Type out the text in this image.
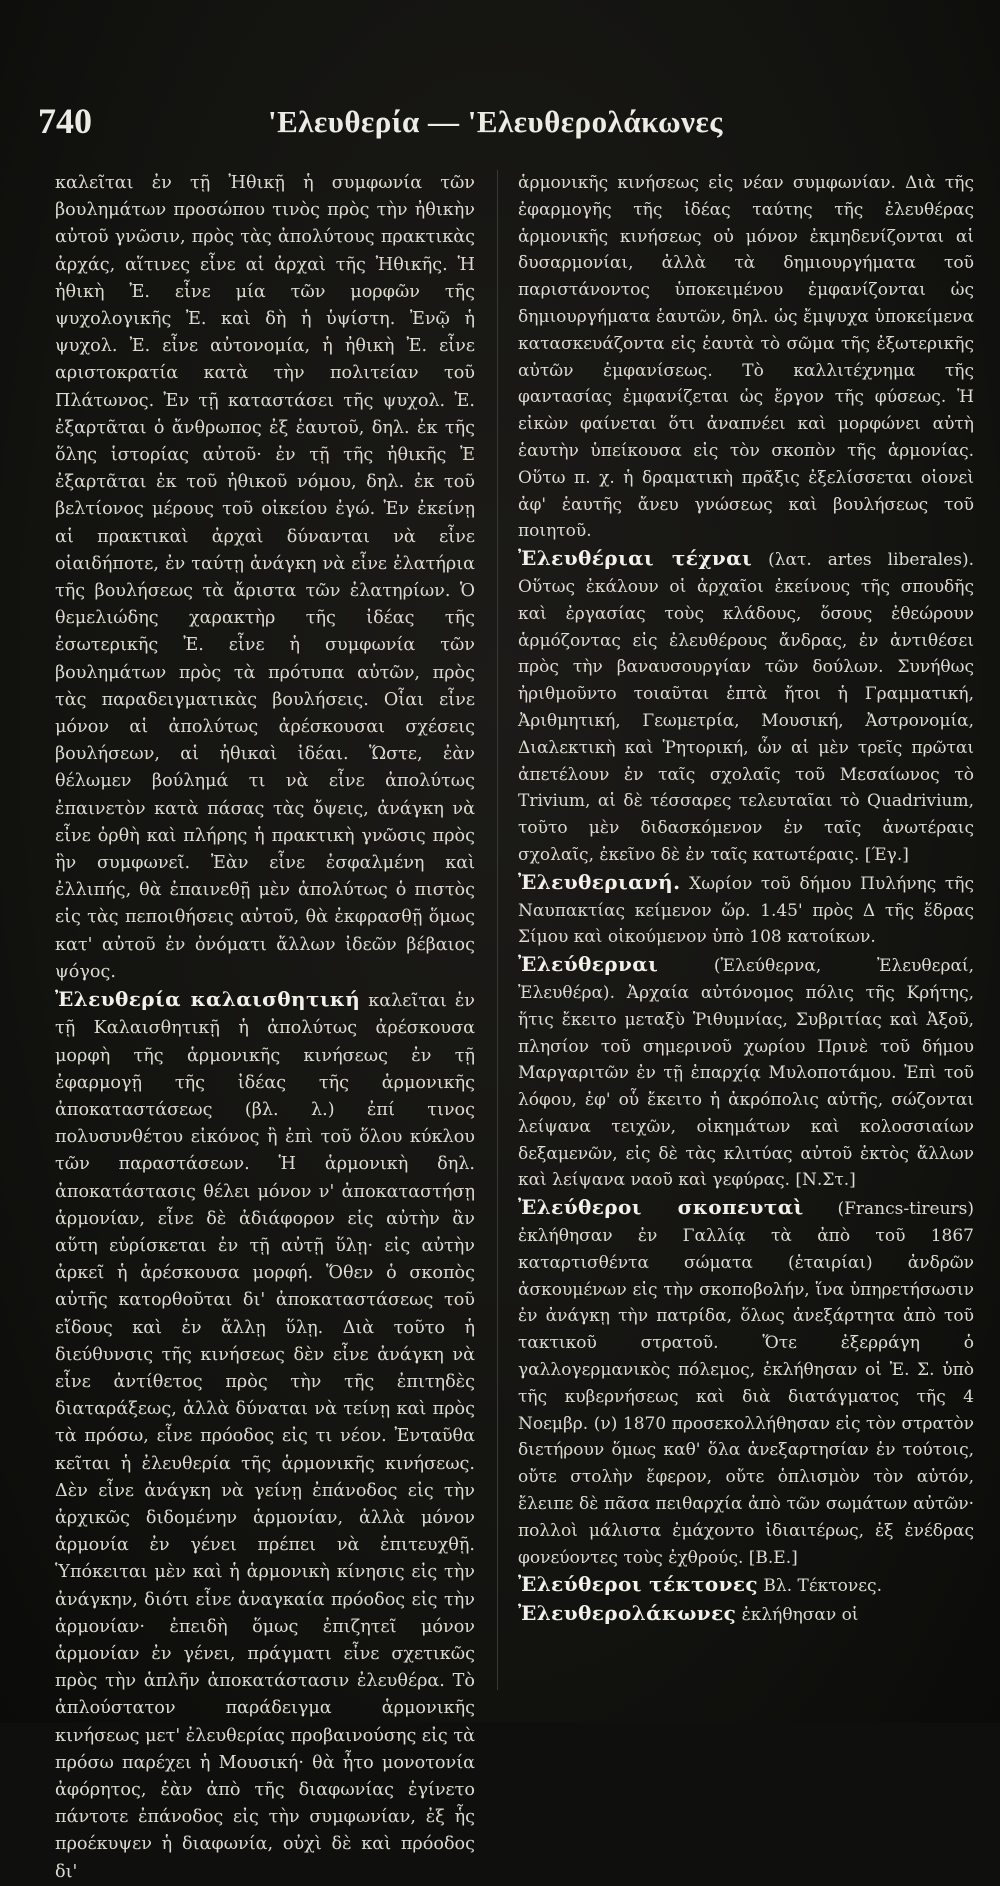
740	'Ελευθερία — 'Ελευθερολάκωνες

καλεῖται ἐν τῇ Ἠθικῇ ἡ συμφωνία τῶν βουλημάτων προσώπου τινὸς πρὸς τὴν ἠθικὴν αὐτοῦ γνῶσιν, πρὸς τὰς ἀπολύτους πρακτικὰς ἀρχάς, αἵτινες εἶνε αἱ ἀρχαὶ τῆς Ἠθικῆς. Ἡ ἠθικὴ Ἐ. εἶνε μία τῶν μορφῶν τῆς ψυχολογικῆς Ἐ. καὶ δὴ ἡ ὑψίστη. Ἐνῷ ἡ ψυχολ. Ἐ. εἶνε αὐτονομία, ἡ ἠθικὴ Ἐ. εἶνε αριστοκρατία κατὰ τὴν πολιτείαν τοῦ Πλάτωνος. Ἐν τῇ καταστάσει τῆς ψυχολ. Ἐ. ἐξαρτᾶται ὁ ἄνθρωπος ἐξ ἑαυτοῦ, δηλ. ἐκ τῆς ὅλης ἱστορίας αὐτοῦ· ἐν τῇ τῆς ἠθικῆς Ἐ ἐξαρτᾶται ἐκ τοῦ ἠθικοῦ νόμου, δηλ. ἐκ τοῦ βελτίονος μέρους τοῦ οἰκείου ἐγώ. Ἐν ἐκείνῃ αἱ πρακτικαὶ ἀρχαὶ δύνανται νὰ εἶνε οἱαιδήποτε, ἐν ταύτῃ ἀνάγκη νὰ εἶνε ἐλατήρια τῆς βουλήσεως τὰ ἄριστα τῶν ἐλατηρίων. Ὁ θεμελιώδης χαρακτὴρ τῆς ἰδέας τῆς ἐσωτερικῆς Ἐ. εἶνε ἡ συμφωνία τῶν βουλημάτων πρὸς τὰ πρότυπα αὐτῶν, πρὸς τὰς παραδειγματικὰς βουλήσεις. Οἷαι εἶνε μόνον αἱ ἀπολύτως ἀρέσκουσαι σχέσεις βουλήσεων, αἱ ἠθικαὶ ἰδέαι. Ὥστε, ἐὰν θέλωμεν βούλημά τι νὰ εἶνε ἀπολύτως ἐπαινετὸν κατὰ πάσας τὰς ὄψεις, ἀνάγκη νὰ εἶνε ὀρθὴ καὶ πλήρης ἡ πρακτικὴ γνῶσις πρὸς ἣν συμφωνεῖ. Ἐὰν εἶνε ἐσφαλμένη καὶ ἐλλιπής, θὰ ἐπαινεθῇ μὲν ἀπολύτως ὁ πιστὸς εἰς τὰς πεποιθήσεις αὐτοῦ, θὰ ἐκφρασθῇ ὅμως κατ' αὐτοῦ ἐν ὀνόματι ἄλλων ἰδεῶν βέβαιος ψόγος.

Ἐλευθερία καλαισθητική καλεῖται ἐν τῇ Καλαισθητικῇ ἡ ἀπολύτως ἀρέσκουσα μορφὴ τῆς ἁρμονικῆς κινήσεως ἐν τῇ ἐφαρμογῇ τῆς ἰδέας τῆς ἁρμονικῆς ἀποκαταστάσεως (βλ. λ.) ἐπί τινος πολυσυνθέτου εἰκόνος ἢ ἐπὶ τοῦ ὅλου κύκλου τῶν παραστάσεων. Ἡ ἁρμονικὴ δηλ. ἀποκατάστασις θέλει μόνον ν' ἀποκαταστήσῃ ἁρμονίαν, εἶνε δὲ ἀδιάφορον εἰς αὐτὴν ἂν αὕτη εὑρίσκεται ἐν τῇ αὐτῇ ὕλῃ· εἰς αὐτὴν ἀρκεῖ ἡ ἀρέσκουσα μορφή. Ὅθεν ὁ σκοπὸς αὐτῆς κατορθοῦται δι' ἀποκαταστάσεως τοῦ εἴδους καὶ ἐν ἄλλῃ ὕλῃ. Διὰ τοῦτο ἡ διεύθυνσις τῆς κινήσεως δὲν εἶνε ἀνάγκη νὰ εἶνε ἀντίθετος πρὸς τὴν τῆς ἐπιτηδὲς διαταράξεως, ἀλλὰ δύναται νὰ τείνῃ καὶ πρὸς τὰ πρόσω, εἶνε πρόοδος εἰς τι νέον. Ἐνταῦθα κεῖται ἡ ἐλευθερία τῆς ἁρμονικῆς κινήσεως. Δὲν εἶνε ἀνάγκη νὰ γείνῃ ἐπάνοδος εἰς τὴν ἀρχικῶς διδομένην ἁρμονίαν, ἀλλὰ μόνον ἁρμονία ἐν γένει πρέπει νὰ ἐπιτευχθῇ. Ὑπόκειται μὲν καὶ ἡ ἁρμονικὴ κίνησις εἰς τὴν ἀνάγκην, διότι εἶνε ἀναγκαία πρόοδος εἰς τὴν ἁρμονίαν· ἐπειδὴ ὅμως ἐπιζητεῖ μόνον ἁρμονίαν ἐν γένει, πράγματι εἶνε σχετικῶς πρὸς τὴν ἁπλῆν ἀποκατάστασιν ἐλευθέρα. Τὸ ἁπλούστατον παράδειγμα ἁρμονικῆς κινήσεως μετ' ἐλευθερίας προβαινούσης εἰς τὰ πρόσω παρέχει ἡ Μουσική· θὰ ἦτο μονοτονία ἀφόρητος, ἐὰν ἀπὸ τῆς διαφωνίας ἐγίνετο πάντοτε ἐπάνοδος εἰς τὴν συμφωνίαν, ἐξ ἧς προέκυψεν ἡ διαφωνία, οὐχὶ δὲ καὶ πρόοδος δι'

ἁρμονικῆς κινήσεως εἰς νέαν συμφωνίαν. Διὰ τῆς ἐφαρμογῆς τῆς ἰδέας ταύτης τῆς ἐλευθέρας ἁρμονικῆς κινήσεως οὐ μόνον ἐκμηδενίζονται αἱ δυσαρμονίαι, ἀλλὰ τὰ δημιουργήματα τοῦ παριστάνοντος ὑποκειμένου ἐμφανίζονται ὡς δημιουργήματα ἑαυτῶν, δηλ. ὡς ἔμψυχα ὑποκείμενα κατασκευάζοντα εἰς ἑαυτὰ τὸ σῶμα τῆς ἐξωτερικῆς αὐτῶν ἐμφανίσεως. Τὸ καλλιτέχνημα τῆς φαντασίας ἐμφανίζεται ὡς ἔργον τῆς φύσεως. Ἡ εἰκὼν φαίνεται ὅτι ἀναπνέει καὶ μορφώνει αὐτὴ ἑαυτὴν ὑπείκουσα εἰς τὸν σκοπὸν τῆς ἁρμονίας. Οὕτω π. χ. ἡ δραματικὴ πρᾶξις ἐξελίσσεται οἱονεὶ ἀφ' ἑαυτῆς ἄνευ γνώσεως καὶ βουλήσεως τοῦ ποιητοῦ.

Ἐλευθέριαι τέχναι (λατ. artes liberales). Οὕτως ἐκάλουν οἱ ἀρχαῖοι ἐκείνους τῆς σπουδῆς καὶ ἐργασίας τοὺς κλάδους, ὅσους ἐθεώρουν ἁρμόζοντας εἰς ἐλευθέρους ἄνδρας, ἐν ἀντιθέσει πρὸς τὴν βαναυσουργίαν τῶν δούλων. Συνήθως ἠριθμοῦντο τοιαῦται ἑπτὰ ἤτοι ἡ Γραμματική, Ἀριθμητική, Γεωμετρία, Μουσική, Ἀστρονομία, Διαλεκτικὴ καὶ Ῥητορική, ὧν αἱ μὲν τρεῖς πρῶται ἀπετέλουν ἐν ταῖς σχολαῖς τοῦ Μεσαίωνος τὸ Trivium, αἱ δὲ τέσσαρες τελευταῖαι τὸ Quadrivium, τοῦτο μὲν διδασκόμενον ἐν ταῖς ἀνωτέραις σχολαῖς, ἐκεῖνο δὲ ἐν ταῖς κατωτέραις. [Έγ.]

Ἐλευθεριανή. Χωρίον τοῦ δήμου Πυλήνης τῆς Ναυπακτίας κείμενον ὥρ. 1.45' πρὸς Δ τῆς ἕδρας Σίμου καὶ οἰκούμενον ὑπὸ 108 κατοίκων.

Ἐλεύθερναι	(Ἐλεύθερνα, Ἐλευθεραί, Ἐλευθέρα). Ἀρχαία αὐτόνομος πόλις τῆς Κρήτης, ἥτις ἔκειτο μεταξὺ Ῥιθυμνίας, Συβριτίας καὶ Ἀξοῦ, πλησίον τοῦ σημερινοῦ χωρίου Πρινὲ τοῦ δήμου Μαργαριτῶν ἐν τῇ ἐπαρχίᾳ Μυλοποτάμου. Ἐπὶ τοῦ λόφου, ἐφ' οὗ ἔκειτο ἡ ἀκρόπολις αὐτῆς, σώζονται λείψανα τειχῶν, οἰκημάτων καὶ κολοσσιαίων δεξαμενῶν, εἰς δὲ τὰς κλιτύας αὐτοῦ ἐκτὸς ἄλλων καὶ λείψανα ναοῦ καὶ γεφύρας. [Ν.Στ.]

Ἐλεύθεροι σκοπευταὶ (Francs-tireurs) ἐκλήθησαν ἐν Γαλλίᾳ τὰ ἀπὸ τοῦ 1867 καταρτισθέντα σώματα (ἑταιρίαι) ἀνδρῶν ἀσκουμένων εἰς τὴν σκοποβολήν, ἵνα ὑπηρετήσωσιν ἐν ἀνάγκῃ τὴν πατρίδα, ὅλως ἀνεξάρτητα ἀπὸ τοῦ τακτικοῦ στρατοῦ. Ὅτε ἐξερράγη ὁ γαλλογερμανικὸς πόλεμος, ἐκλήθησαν οἱ Ἐ. Σ. ὑπὸ τῆς κυβερνήσεως καὶ διὰ διατάγματος τῆς 4 Νοεμβρ. (ν) 1870 προσεκολλήθησαν εἰς τὸν στρατὸν διετήρουν ὅμως καθ' ὅλα ἀνεξαρτησίαν ἐν τούτοις, οὔτε στολὴν ἔφερον, οὔτε ὁπλισμὸν τὸν αὐτόν, ἔλειπε δὲ πᾶσα πειθαρχία ἀπὸ τῶν σωμάτων αὐτῶν· πολλοὶ μάλιστα ἐμάχοντο ἰδιαιτέρως, ἐξ ἐνέδρας φονεύοντες τοὺς ἐχθρούς. [Β.Ε.]

Ἐλεύθεροι τέκτονες Βλ. Τέκτονες.

Ἐλευθερολάκωνες ἐκλήθησαν οἱ
